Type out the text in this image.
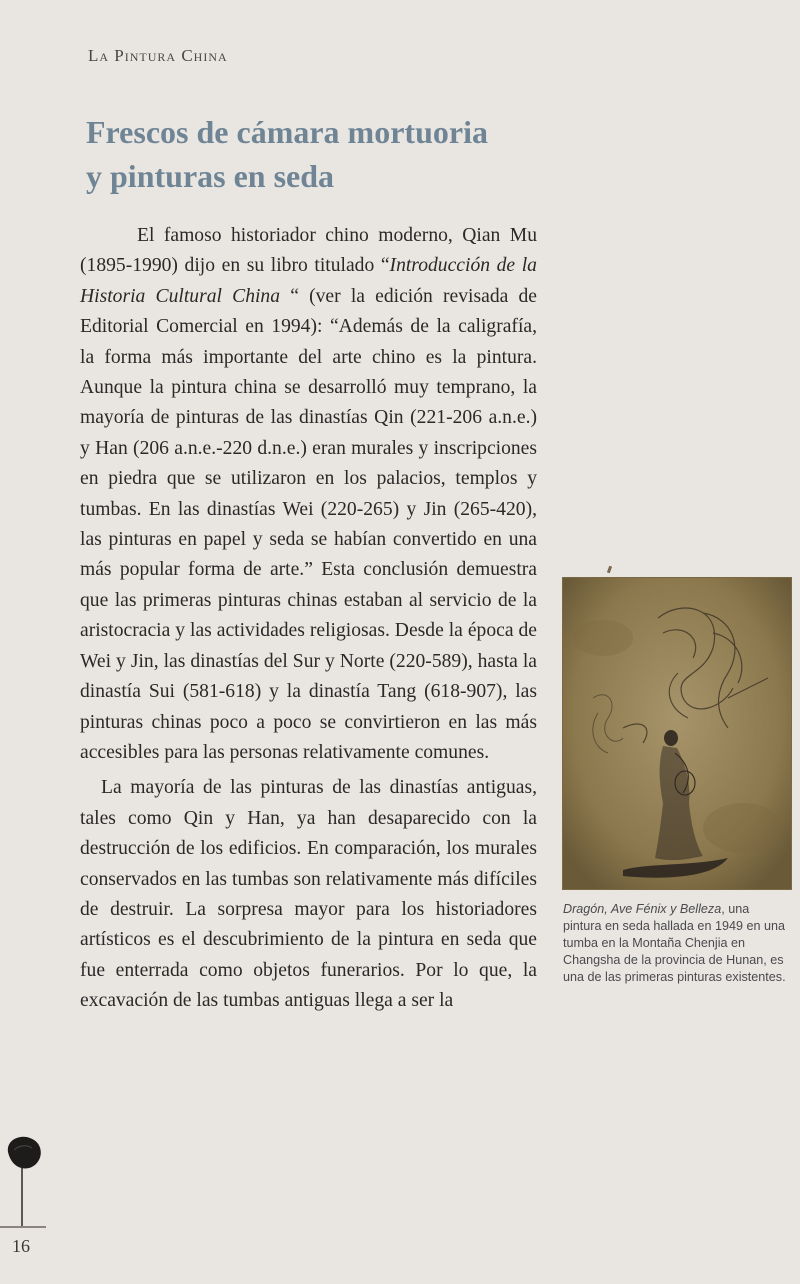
La Pintura China
Frescos de cámara mortuoria
y pinturas en seda

El famoso historiador chino moderno, Qian Mu (1895-1990) dijo en su libro titulado “Introducción de la Historia Cultural China “ (ver la edición revisada de Editorial Comercial en 1994): “Además de la caligrafía, la forma más importante del arte chino es la pintura. Aunque la pintura china se desarrolló muy temprano, la mayoría de pinturas de las dinastías Qin (221-206 a.n.e.) y Han (206 a.n.e.-220 d.n.e.) eran murales y inscripciones en piedra que se utilizaron en los palacios, templos y tumbas. En las dinastías Wei (220-265) y Jin (265-420), las pinturas en papel y seda se habían convertido en una más popular forma de arte.” Esta conclusión demuestra que las primeras pinturas chinas estaban al servicio de la aristocracia y las actividades religiosas. Desde la época de Wei y Jin, las dinastías del Sur y Norte (220-589), hasta la dinastía Sui (581-618) y la dinastía Tang (618-907), las pinturas chinas poco a poco se convirtieron en las más accesibles para las personas relativamente comunes.

La mayoría de las pinturas de las dinastías antiguas, tales como Qin y Han, ya han desaparecido con la destrucción de los edificios. En comparación, los murales conservados en las tumbas son relativamente más difíciles de destruir. La sorpresa mayor para los historiadores artísticos es el descubrimiento de la pintura en seda que fue enterrada como objetos funerarios. Por lo que, la excavación de las tumbas antiguas llega a ser la

Dragón, Ave Fénix y Belleza, una pintura en seda hallada en 1949 en una tumba en la Montaña Chenjia en Changsha de la provincia de Hunan, es una de las primeras pinturas existentes.
16
